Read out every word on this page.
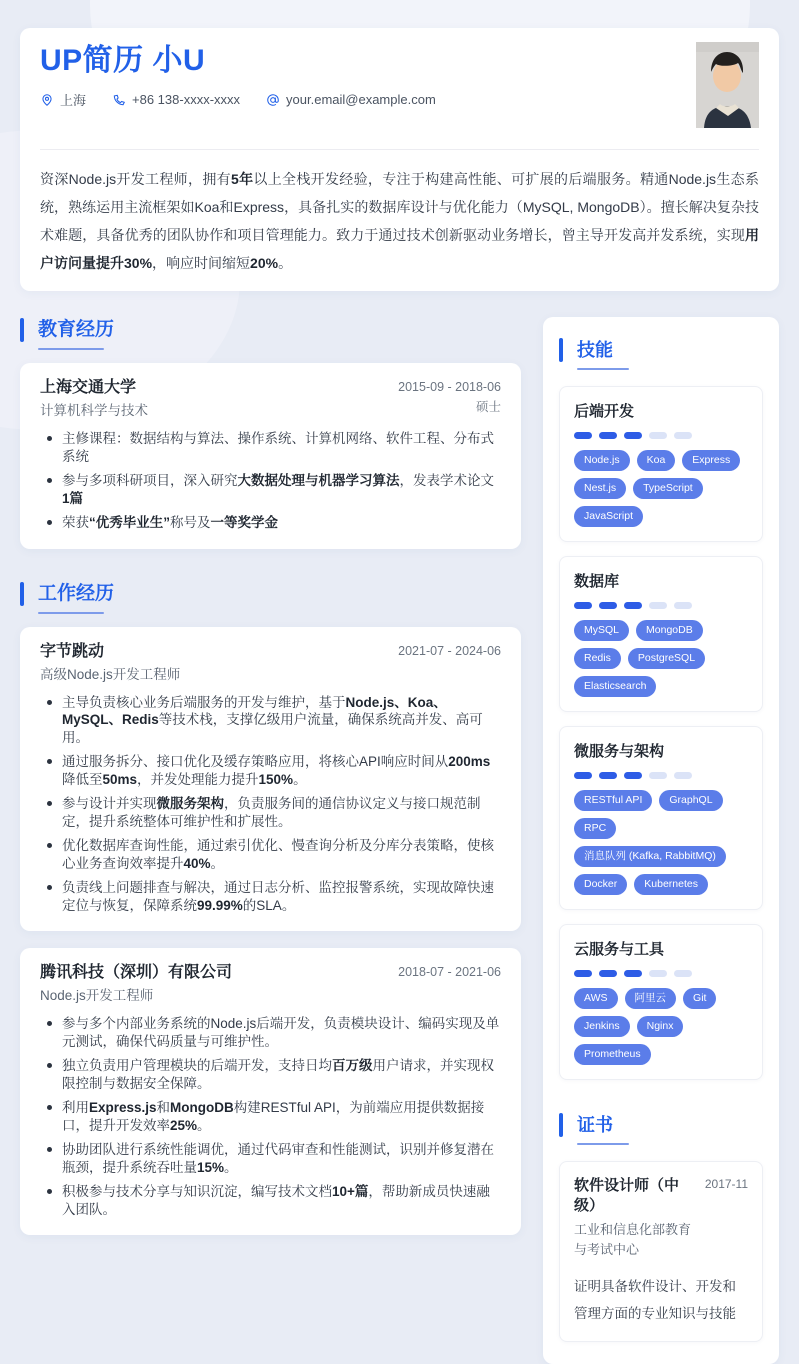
UP简历 小U
上海	+86 138-xxxx-xxxx	your.email@example.com

资深Node.js开发工程师，拥有5年以上全栈开发经验，专注于构建高性能、可扩展的后端服务。精通Node.js生态系统，熟练运用主流框架如Koa和Express，具备扎实的数据库设计与优化能力（MySQL, MongoDB）。擅长解决复杂技术难题，具备优秀的团队协作和项目管理能力。致力于通过技术创新驱动业务增长，曾主导开发高并发系统，实现用户访问量提升30%，响应时间缩短20%。

教育经历
上海交通大学
计算机科学与技术
2015-09 - 2018-06
硕士
主修课程：数据结构与算法、操作系统、计算机网络、软件工程、分布式系统
参与多项科研项目，深入研究大数据处理与机器学习算法，发表学术论文1篇
荣获“优秀毕业生”称号及一等奖学金
工作经历
字节跳动
高级Node.js开发工程师
2021-07 - 2024-06
主导负责核心业务后端服务的开发与维护，基于Node.js、Koa、MySQL、Redis等技术栈，支撑亿级用户流量，确保系统高并发、高可用。
通过服务拆分、接口优化及缓存策略应用，将核心API响应时间从200ms降低至50ms，并发处理能力提升150%。
参与设计并实现微服务架构，负责服务间的通信协议定义与接口规范制定，提升系统整体可维护性和扩展性。
优化数据库查询性能，通过索引优化、慢查询分析及分库分表策略，使核心业务查询效率提升40%。
负责线上问题排查与解决，通过日志分析、监控报警系统，实现故障快速定位与恢复，保障系统99.99%的SLA。
腾讯科技（深圳）有限公司
Node.js开发工程师
2018-07 - 2021-06
参与多个内部业务系统的Node.js后端开发，负责模块设计、编码实现及单元测试，确保代码质量与可维护性。
独立负责用户管理模块的后端开发，支持日均百万级用户请求，并实现权限控制与数据安全保障。
利用Express.js和MongoDB构建RESTful API，为前端应用提供数据接口，提升开发效率25%。
协助团队进行系统性能调优，通过代码审查和性能测试，识别并修复潜在瓶颈，提升系统吞吐量15%。
积极参与技术分享与知识沉淀，编写技术文档10+篇，帮助新成员快速融入团队。
技能
后端开发
Node.js	Koa	Express
Nest.js	TypeScript
JavaScript
数据库
MySQL	MongoDB
Redis	PostgreSQL
Elasticsearch
微服务与架构
RESTful API	GraphQL
RPC
消息队列 (Kafka, RabbitMQ)
Docker	Kubernetes
云服务与工具
AWS	阿里云	Git
Jenkins	Nginx
Prometheus
证书
软件设计师（中级）
2017-11
工业和信息化部教育与考试中心
证明具备软件设计、开发和管理方面的专业知识与技能
